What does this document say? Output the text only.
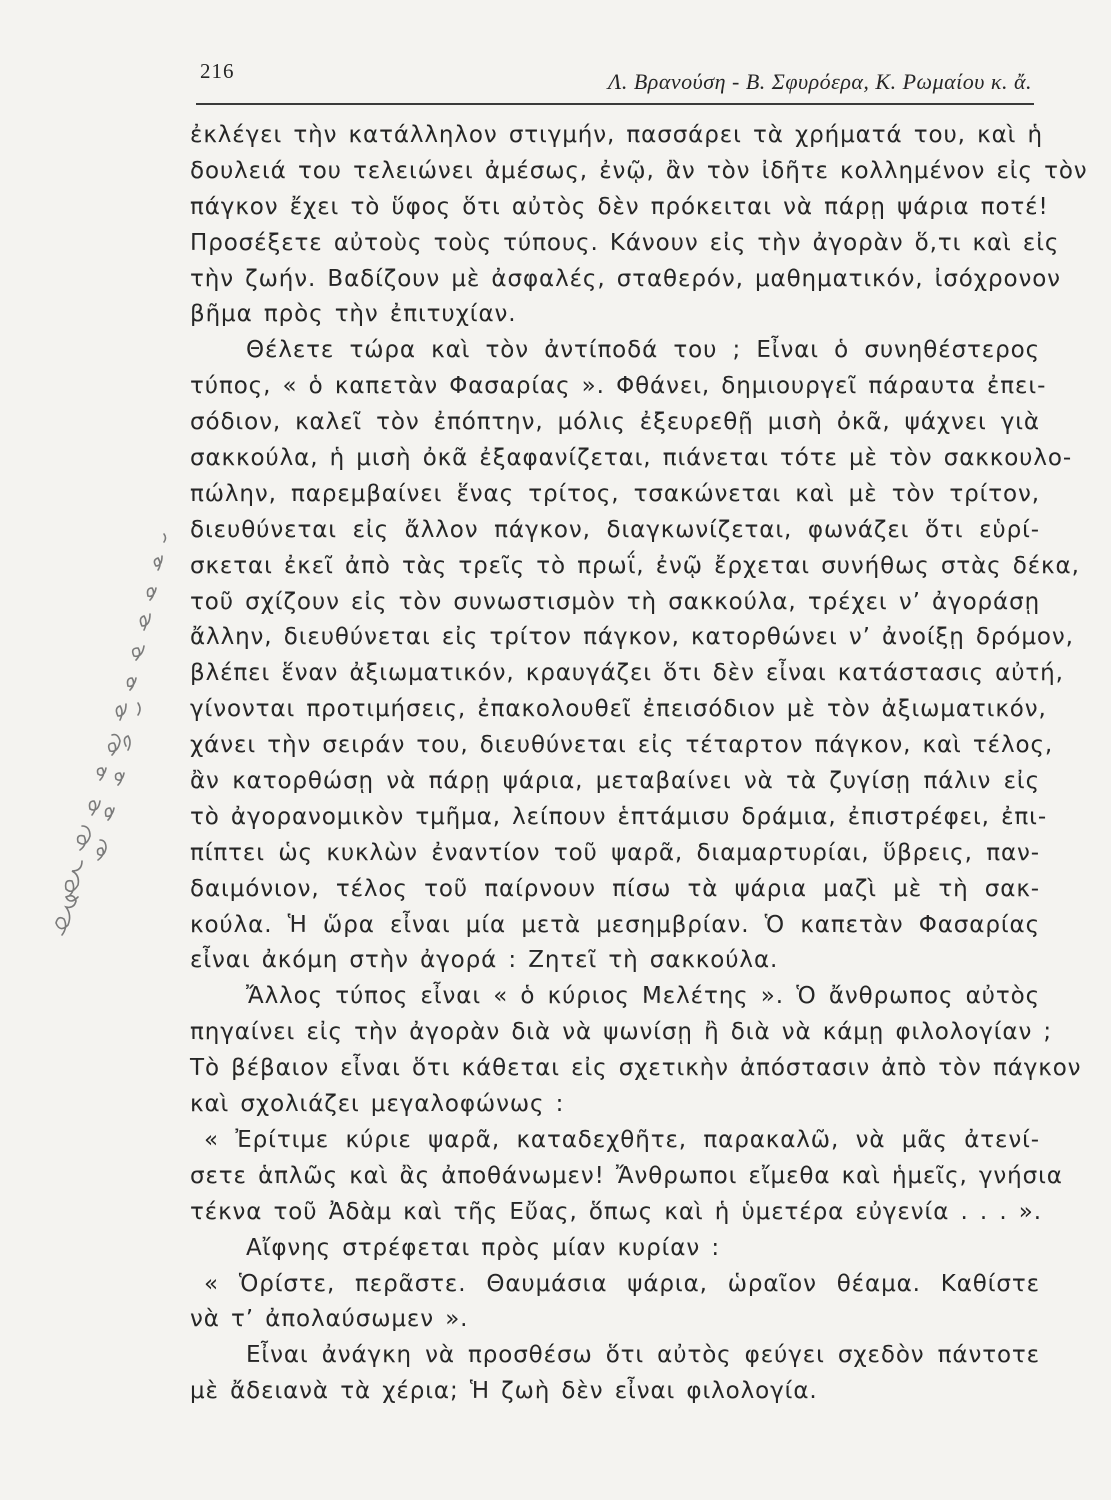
216	Λ. Βρανούση - Β. Σφυρόερα, Κ. Ρωμαίου κ. ἄ.
ἐκλέγει τὴν κατάλληλον στιγμήν, πασσάρει τὰ χρήματά του, καὶ ἡ
δουλειά του τελειώνει ἀμέσως, ἐνῷ, ἂν τὸν ἰδῆτε κολλημένον εἰς τὸν
πάγκον ἔχει τὸ ὕφος ὅτι αὐτὸς δὲν πρόκειται νὰ πάρῃ ψάρια ποτέ!
Προσέξετε αὐτοὺς τοὺς τύπους. Κάνουν εἰς τὴν ἀγορὰν ὅ,τι καὶ εἰς
τὴν ζωήν. Βαδίζουν μὲ ἀσφαλές, σταθερόν, μαθηματικόν, ἰσόχρονον
βῆμα πρὸς τὴν ἐπιτυχίαν.
Θέλετε τώρα καὶ τὸν ἀντίποδά του ; Εἶναι ὁ συνηθέστερος
τύπος, « ὁ καπετὰν Φασαρίας ». Φθάνει, δημιουργεῖ πάραυτα ἐπει-
σόδιον, καλεῖ τὸν ἐπόπτην, μόλις ἐξευρεθῇ μισὴ ὀκᾶ, ψάχνει γιὰ
σακκούλα, ἡ μισὴ ὀκᾶ ἐξαφανίζεται, πιάνεται τότε μὲ τὸν σακκουλο-
πώλην, παρεμβαίνει ἕνας τρίτος, τσακώνεται καὶ μὲ τὸν τρίτον,
διευθύνεται εἰς ἄλλον πάγκον, διαγκωνίζεται, φωνάζει ὅτι εὑρί-
σκεται ἐκεῖ ἀπὸ τὰς τρεῖς τὸ πρωΐ, ἐνῷ ἔρχεται συνήθως στὰς δέκα,
τοῦ σχίζουν εἰς τὸν συνωστισμὸν τὴ σακκούλα, τρέχει ν’ ἀγοράσῃ
ἄλλην, διευθύνεται εἰς τρίτον πάγκον, κατορθώνει ν’ ἀνοίξῃ δρόμον,
βλέπει ἕναν ἀξιωματικόν, κραυγάζει ὅτι δὲν εἶναι κατάστασις αὐτή,
γίνονται προτιμήσεις, ἐπακολουθεῖ ἐπεισόδιον μὲ τὸν ἀξιωματικόν,
χάνει τὴν σειράν του, διευθύνεται εἰς τέταρτον πάγκον, καὶ τέλος,
ἂν κατορθώσῃ νὰ πάρῃ ψάρια, μεταβαίνει νὰ τὰ ζυγίσῃ πάλιν εἰς
τὸ ἀγορανομικὸν τμῆμα, λείπουν ἑπτάμισυ δράμια, ἐπιστρέφει, ἐπι-
πίπτει ὡς κυκλὼν ἐναντίον τοῦ ψαρᾶ, διαμαρτυρίαι, ὕβρεις, παν-
δαιμόνιον, τέλος τοῦ παίρνουν πίσω τὰ ψάρια μαζὶ μὲ τὴ σακ-
κούλα. Ἡ ὥρα εἶναι μία μετὰ μεσημβρίαν. Ὁ καπετὰν Φασαρίας
εἶναι ἀκόμη στὴν ἀγορά : Ζητεῖ τὴ σακκούλα.
Ἄλλος τύπος εἶναι « ὁ κύριος Μελέτης ». Ὁ ἄνθρωπος αὐτὸς
πηγαίνει εἰς τὴν ἀγορὰν διὰ νὰ ψωνίσῃ ἢ διὰ νὰ κάμῃ φιλολογίαν ;
Τὸ βέβαιον εἶναι ὅτι κάθεται εἰς σχετικὴν ἀπόστασιν ἀπὸ τὸν πάγκον
καὶ σχολιάζει μεγαλοφώνως :
« Ἐρίτιμε κύριε ψαρᾶ, καταδεχθῆτε, παρακαλῶ, νὰ μᾶς ἀτενί-
σετε ἁπλῶς καὶ ἂς ἀποθάνωμεν! Ἄνθρωποι εἴμεθα καὶ ἡμεῖς, γνήσια
τέκνα τοῦ Ἀδὰμ καὶ τῆς Εὔας, ὅπως καὶ ἡ ὑμετέρα εὐγενία . . . ».
Αἴφνης στρέφεται πρὸς μίαν κυρίαν :
« Ὁρίστε, περᾶστε. Θαυμάσια ψάρια, ὡραῖον θέαμα. Καθίστε
νὰ τ’ ἀπολαύσωμεν ».
Εἶναι ἀνάγκη νὰ προσθέσω ὅτι αὐτὸς φεύγει σχεδὸν πάντοτε
μὲ ἄδειανὰ τὰ χέρια; Ἡ ζωὴ δὲν εἶναι φιλολογία.
